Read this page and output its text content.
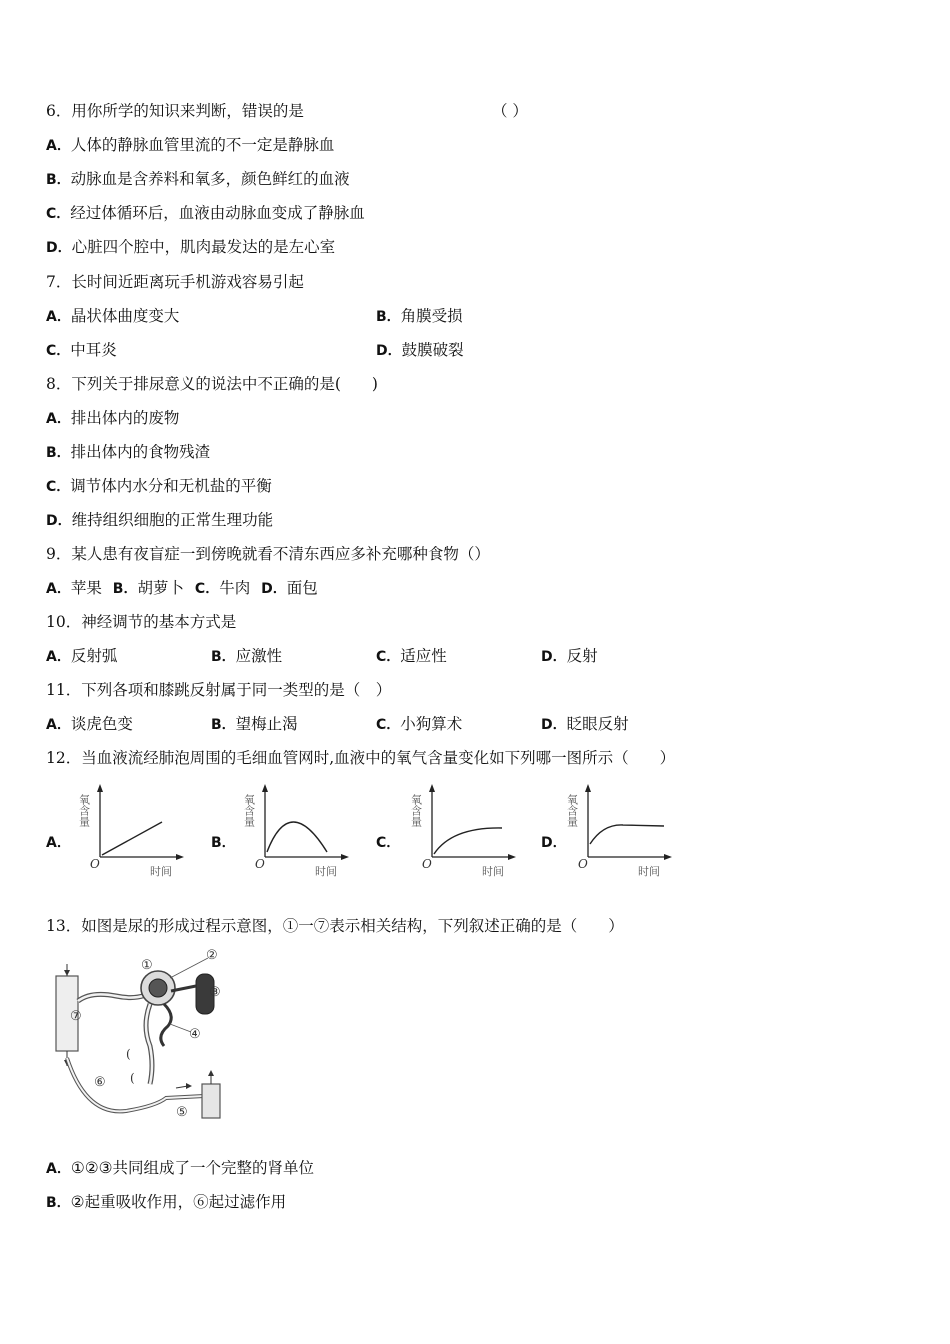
6．用你所学的知识来判断，错误的是	（ ）
A．人体的静脉血管里流的不一定是静脉血
B．动脉血是含养料和氧多，颜色鲜红的血液
C．经过体循环后，血液由动脉血变成了静脉血
D．心脏四个腔中，肌肉最发达的是左心室
7．长时间近距离玩手机游戏容易引起
A．晶状体曲度变大	B．角膜受损
C．中耳炎	D．鼓膜破裂
8．下列关于排尿意义的说法中不正确的是(　　)
A．排出体内的废物
B．排出体内的食物残渣
C．调节体内水分和无机盐的平衡
D．维持组织细胞的正常生理功能
9．某人患有夜盲症一到傍晚就看不清东西应多补充哪种食物（）
A．苹果 B．胡萝卜 C．牛肉 D．面包
10．神经调节的基本方式是
A．反射弧	B．应激性	C．适应性	D．反射
11．下列各项和膝跳反射属于同一类型的是（　）
A．谈虎色变	B．望梅止渴	C．小狗算术	D．眨眼反射
12．当血液流经肺泡周围的毛细血管网时,血液中的氧气含量变化如下列哪一图所示（　　）
A．	B．	C．	D．
氧含量
O
时间
氧含量
O
时间
氧含量
O
时间
氧含量
O
时间
13．如图是尿的形成过程示意图，①一⑦表示相关结构，下列叙述正确的是（　　）
⑦
①
②
③
④
(
(
⑥
⑤
A．①②③共同组成了一个完整的肾单位
B．②起重吸收作用，⑥起过滤作用
